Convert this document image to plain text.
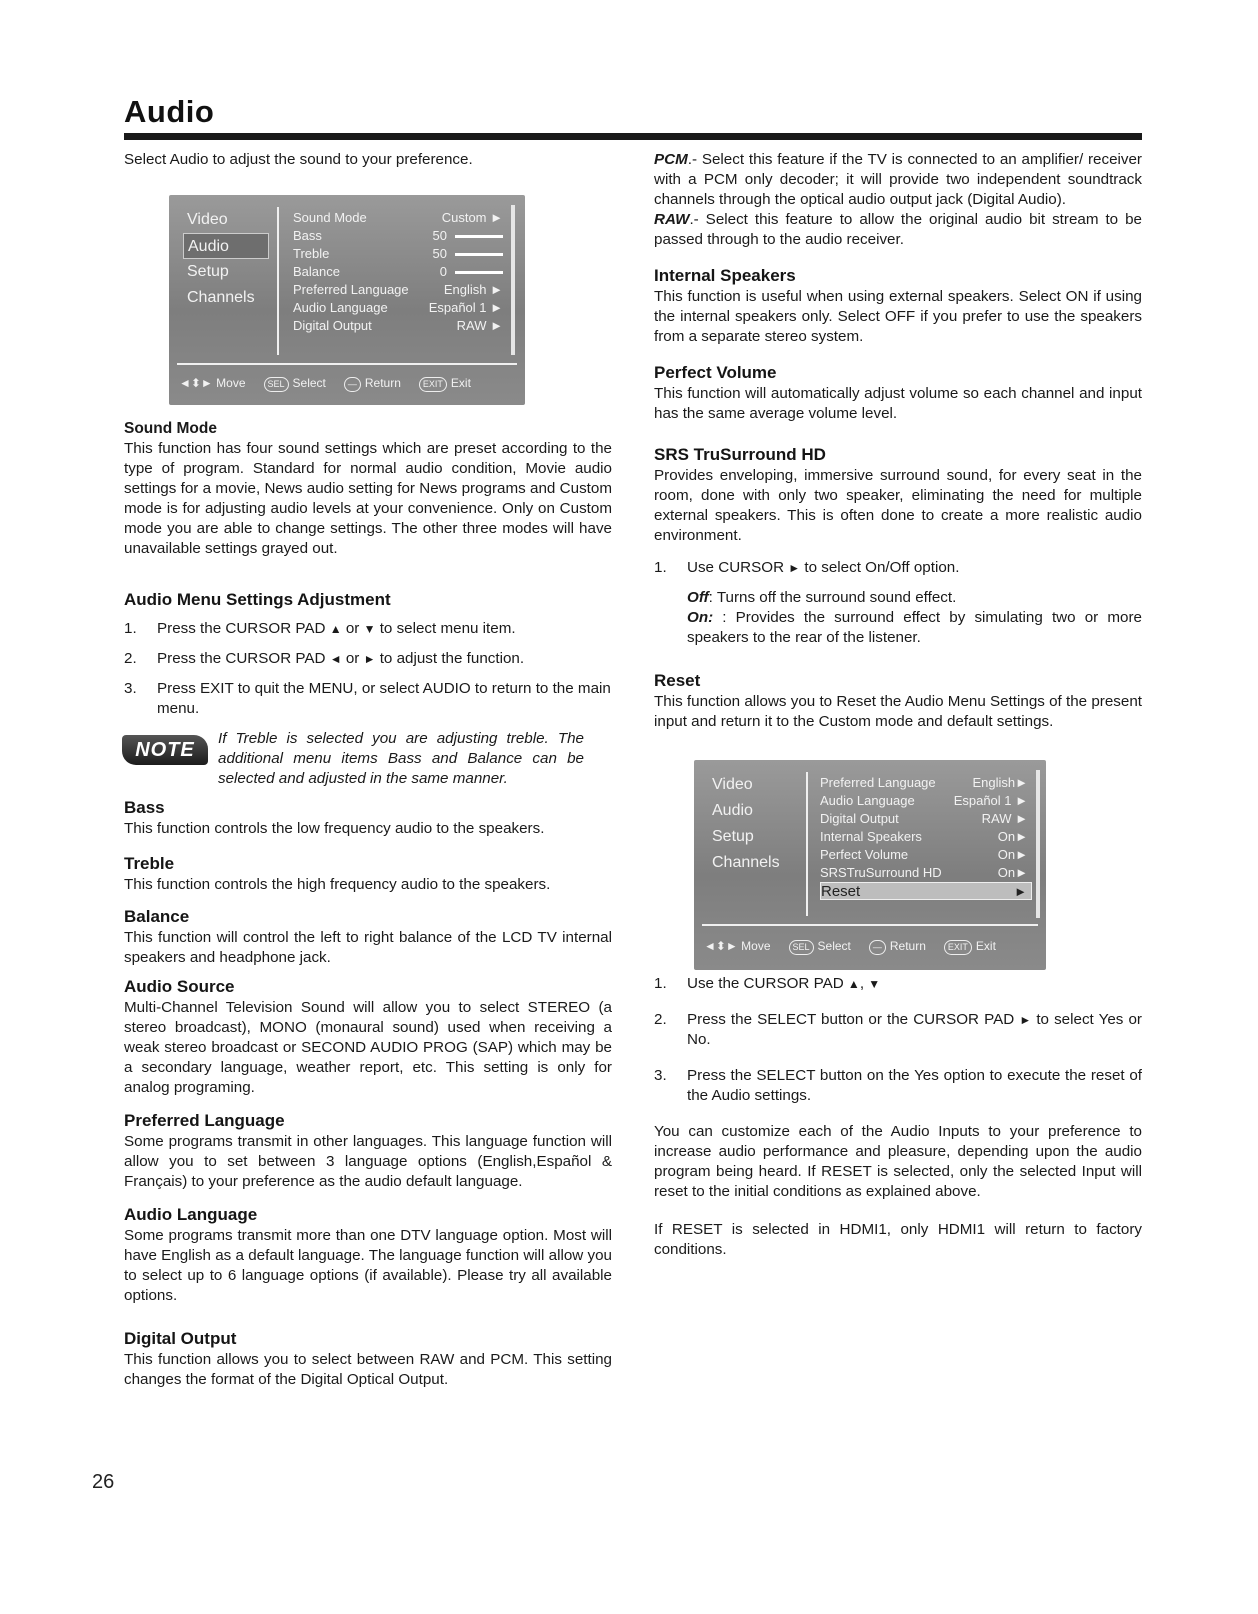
Audio

Select Audio to adjust the sound to your preference.

Video
Audio
Setup
Channels
Sound Mode	Custom ►
Bass	50
Treble	50
Balance	0
Preferred Language	English ►
Audio Language	Español 1 ►
Digital Output	RAW ►
◄⬍► Move	SEL Select	— Return	EXIT Exit

Sound Mode

This function has four sound settings which are preset according to the type of program. Standard for normal audio condition, Movie audio settings for a movie, News audio setting for News programs and Custom mode is for adjusting audio levels at your convenience. Only on Custom mode you are able to change settings. The other three modes will have unavailable settings grayed out.

Audio Menu Settings Adjustment

1.	Press the CURSOR PAD ▲ or ▼ to select menu item.
2.	Press the CURSOR PAD ◄ or ► to adjust the function.
3.	Press EXIT to quit the MENU, or select AUDIO to return to the main menu.
NOTE

If Treble is selected you are adjusting treble. The additional menu items Bass and Balance can be selected and adjusted in the same manner.

Bass

This function controls the low frequency audio to the speakers.

Treble

This function controls the high frequency audio to the speakers.

Balance

This function will control the left to right balance of the LCD TV internal speakers and headphone jack.

Audio Source

Multi-Channel Television Sound will allow you to select STEREO (a stereo broadcast), MONO (monaural sound) used when receiving a weak stereo broadcast or SECOND AUDIO PROG (SAP) which may be a secondary language, weather report, etc. This setting is only for analog programing.

Preferred Language

Some programs transmit in other languages. This language function will allow you to set between 3 language options (English,Español & Français) to your preference as the audio default language.

Audio Language

Some programs transmit more than one DTV language option. Most will have English as a default language. The language function will allow you to select up to 6 language options (if available). Please try all available options.

Digital Output

This function allows you to select between RAW and PCM. This setting changes the format of the Digital Optical Output.

PCM.- Select this feature if the TV is connected to an amplifier/ receiver with a PCM only decoder; it will provide two independent soundtrack channels through the optical audio output jack (Digital Audio).

RAW.- Select this feature to allow the original audio bit stream to be passed through to the audio receiver.

Internal Speakers

This function is useful when using external speakers. Select ON if using the internal speakers only. Select OFF if you prefer to use the speakers from a separate stereo system.

Perfect Volume

This function will automatically adjust volume so each channel and input has the same average volume level.

SRS TruSurround HD

Provides enveloping, immersive surround sound, for every seat in the room, done with only two speaker, eliminating the need for multiple external speakers. This is often done to create a more realistic audio environment.

1.	Use CURSOR ► to select On/Off option.

Off: Turns off the surround sound effect.

On: : Provides the surround effect by simulating two or more speakers to the rear of the listener.

Reset

This function allows you to Reset the Audio Menu Settings of the present input and return it to the Custom mode and default settings.

Video
Audio
Setup
Channels
Preferred Language	English►
Audio Language	Español 1 ►
Digital Output	RAW ►
Internal Speakers	On►
Perfect Volume	On►
SRSTruSurround HD	On►
Reset	►
◄⬍► Move	SEL Select	— Return	EXIT Exit
1.	Use the CURSOR PAD ▲, ▼
2.	Press the SELECT button or the CURSOR PAD ► to select Yes or No.
3.	Press the SELECT button on the Yes option to execute the reset of the Audio settings.

You can customize each of the Audio Inputs to your preference to increase audio performance and pleasure, depending upon the audio program being heard. If RESET is selected, only the selected Input will reset to the initial conditions as explained above.

If RESET is selected in HDMI1, only HDMI1 will return to factory conditions.

26
